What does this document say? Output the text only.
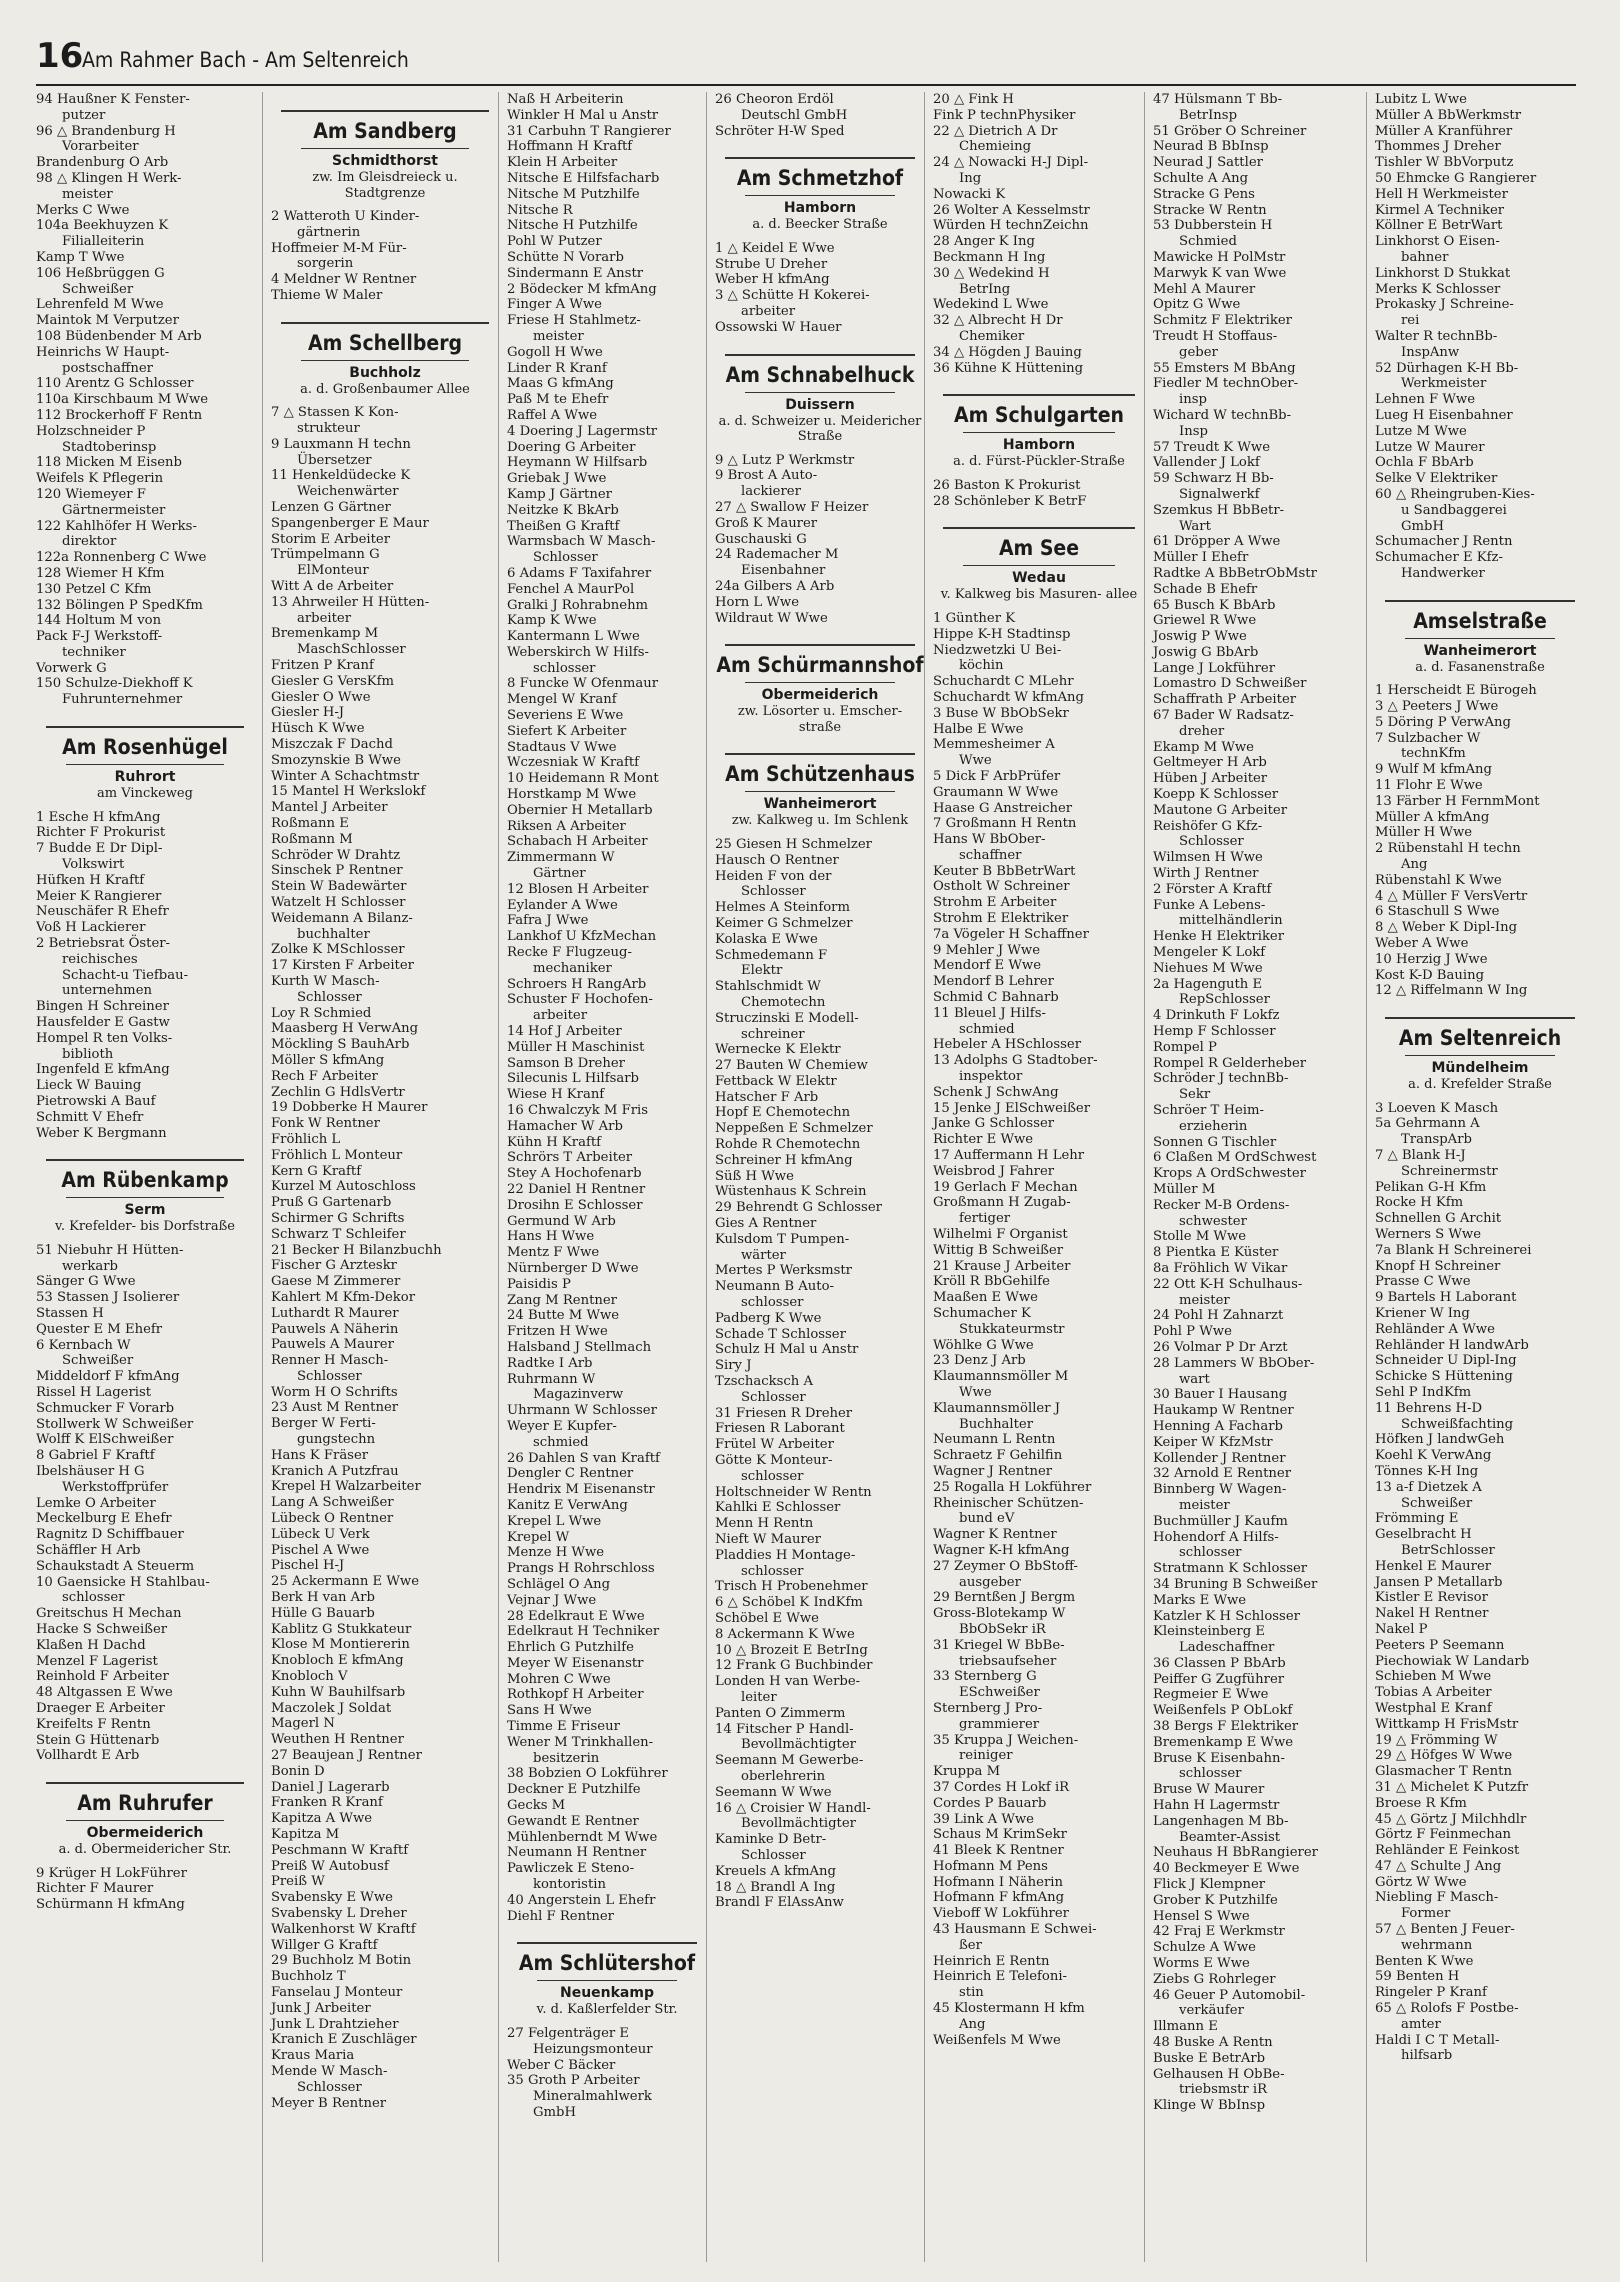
16
Am Rahmer Bach - Am Seltenreich
94 Haußner K Fenster-
putzer
96 △ Brandenburg H
Vorarbeiter
Brandenburg O Arb
98 △ Klingen H Werk-
meister
Merks C Wwe
104a Beekhuyzen K
Filialleiterin
Kamp T Wwe
106 Heßbrüggen G
Schweißer
Lehrenfeld M Wwe
Maintok M Verputzer
108 Büdenbender M Arb
Heinrichs W Haupt-
postschaffner
110 Arentz G Schlosser
110a Kirschbaum M Wwe
112 Brockerhoff F Rentn
Holzschneider P
Stadtoberinsp
118 Micken M Eisenb
Weifels K Pflegerin
120 Wiemeyer F
Gärtnermeister
122 Kahlhöfer H Werks-
direktor
122a Ronnenberg C Wwe
128 Wiemer H Kfm
130 Petzel C Kfm
132 Bölingen P SpedKfm
144 Holtum M von
Pack F-J Werkstoff-
techniker
Vorwerk G
150 Schulze-Diekhoff K
Fuhrunternehmer
Am Rosenhügel
Ruhrort
am Vinckeweg
1 Esche H kfmAng
Richter F Prokurist
7 Budde E Dr Dipl-
Volkswirt
Hüfken H Kraftf
Meier K Rangierer
Neuschäfer R Ehefr
Voß H Lackierer
2 Betriebsrat Öster-
reichisches
Schacht-u Tiefbau-
unternehmen
Bingen H Schreiner
Hausfelder E Gastw
Hompel R ten Volks-
biblioth
Ingenfeld E kfmAng
Lieck W Bauing
Pietrowski A Bauf
Schmitt V Ehefr
Weber K Bergmann
Am Rübenkamp
Serm
v. Krefelder- bis Dorfstraße
51 Niebuhr H Hütten-
werkarb
Sänger G Wwe
53 Stassen J Isolierer
Stassen H
Quester E M Ehefr
6 Kernbach W
Schweißer
Middeldorf F kfmAng
Rissel H Lagerist
Schmucker F Vorarb
Stollwerk W Schweißer
Wolff K ElSchweißer
8 Gabriel F Kraftf
Ibelshäuser H G
Werkstoffprüfer
Lemke O Arbeiter
Meckelburg E Ehefr
Ragnitz D Schiffbauer
Schäffler H Arb
Schaukstadt A Steuerm
10 Gaensicke H Stahlbau-
schlosser
Greitschus H Mechan
Hacke S Schweißer
Klaßen H Dachd
Menzel F Lagerist
Reinhold F Arbeiter
48 Altgassen E Wwe
Draeger E Arbeiter
Kreifelts F Rentn
Stein G Hüttenarb
Vollhardt E Arb
Am Ruhrufer
Obermeiderich
a. d. Obermeidericher Str.
9 Krüger H LokFührer
Richter F Maurer
Schürmann H kfmAng
Am Sandberg
Schmidthorst
zw. Im Gleisdreieck u. Stadtgrenze
2 Watteroth U Kinder-
gärtnerin
Hoffmeier M-M Für-
sorgerin
4 Meldner W Rentner
Thieme W Maler
Am Schellberg
Buchholz
a. d. Großenbaumer Allee
7 △ Stassen K Kon-
strukteur
9 Lauxmann H techn
Übersetzer
11 Henkeldüdecke K
Weichenwärter
Lenzen G Gärtner
Spangenberger E Maur
Storim E Arbeiter
Trümpelmann G
ElMonteur
Witt A de Arbeiter
13 Ahrweiler H Hütten-
arbeiter
Bremenkamp M
MaschSchlosser
Fritzen P Kranf
Giesler G VersKfm
Giesler O Wwe
Giesler H-J
Hüsch K Wwe
Miszczak F Dachd
Smozynskie B Wwe
Winter A Schachtmstr
15 Mantel H Werkslokf
Mantel J Arbeiter
Roßmann E
Roßmann M
Schröder W Drahtz
Sinschek P Rentner
Stein W Badewärter
Watzelt H Schlosser
Weidemann A Bilanz-
buchhalter
Zolke K MSchlosser
17 Kirsten F Arbeiter
Kurth W Masch-
Schlosser
Loy R Schmied
Maasberg H VerwAng
Möckling S BauhArb
Möller S kfmAng
Rech F Arbeiter
Zechlin G HdlsVertr
19 Dobberke H Maurer
Fonk W Rentner
Fröhlich L
Fröhlich L Monteur
Kern G Kraftf
Kurzel M Autoschloss
Pruß G Gartenarb
Schirmer G Schrifts
Schwarz T Schleifer
21 Becker H Bilanzbuchh
Fischer G Arzteskr
Gaese M Zimmerer
Kahlert M Kfm-Dekor
Luthardt R Maurer
Pauwels A Näherin
Pauwels A Maurer
Renner H Masch-
Schlosser
Worm H O Schrifts
23 Aust M Rentner
Berger W Ferti-
gungstechn
Hans K Fräser
Kranich A Putzfrau
Krepel H Walzarbeiter
Lang A Schweißer
Lübeck O Rentner
Lübeck U Verk
Pischel A Wwe
Pischel H-J
25 Ackermann E Wwe
Berk H van Arb
Hülle G Bauarb
Kablitz G Stukkateur
Klose M Montiererin
Knobloch E kfmAng
Knobloch V
Kuhn W Bauhilfsarb
Maczolek J Soldat
Magerl N
Weuthen H Rentner
27 Beaujean J Rentner
Bonin D
Daniel J Lagerarb
Franken R Kranf
Kapitza A Wwe
Kapitza M
Peschmann W Kraftf
Preiß W Autobusf
Preiß W
Svabensky E Wwe
Svabensky L Dreher
Walkenhorst W Kraftf
Willger G Kraftf
29 Buchholz M Botin
Buchholz T
Fanselau J Monteur
Junk J Arbeiter
Junk L Drahtzieher
Kranich E Zuschläger
Kraus Maria
Mende W Masch-
Schlosser
Meyer B Rentner
Naß H Arbeiterin
Winkler H Mal u Anstr
31 Carbuhn T Rangierer
Hoffmann H Kraftf
Klein H Arbeiter
Nitsche E Hilfsfacharb
Nitsche M Putzhilfe
Nitsche R
Nitsche H Putzhilfe
Pohl W Putzer
Schütte N Vorarb
Sindermann E Anstr
2 Bödecker M kfmAng
Finger A Wwe
Friese H Stahlmetz-
meister
Gogoll H Wwe
Linder R Kranf
Maas G kfmAng
Paß M te Ehefr
Raffel A Wwe
4 Doering J Lagermstr
Doering G Arbeiter
Heymann W Hilfsarb
Griebak J Wwe
Kamp J Gärtner
Neitzke K BkArb
Theißen G Kraftf
Warmsbach W Masch-
Schlosser
6 Adams F Taxifahrer
Fenchel A MaurPol
Gralki J Rohrabnehm
Kamp K Wwe
Kantermann L Wwe
Weberskirch W Hilfs-
schlosser
8 Funcke W Ofenmaur
Mengel W Kranf
Severiens E Wwe
Siefert K Arbeiter
Stadtaus V Wwe
Wczesniak W Kraftf
10 Heidemann R Mont
Horstkamp M Wwe
Obernier H Metallarb
Riksen A Arbeiter
Schabach H Arbeiter
Zimmermann W
Gärtner
12 Blosen H Arbeiter
Eylander A Wwe
Fafra J Wwe
Lankhof U KfzMechan
Recke F Flugzeug-
mechaniker
Schroers H RangArb
Schuster F Hochofen-
arbeiter
14 Hof J Arbeiter
Müller H Maschinist
Samson B Dreher
Silecunis L Hilfsarb
Wiese H Kranf
16 Chwalczyk M Fris
Hamacher W Arb
Kühn H Kraftf
Schrörs T Arbeiter
Stey A Hochofenarb
22 Daniel H Rentner
Drosihn E Schlosser
Germund W Arb
Hans H Wwe
Mentz F Wwe
Nürnberger D Wwe
Paisidis P
Zang M Rentner
24 Butte M Wwe
Fritzen H Wwe
Halsband J Stellmach
Radtke I Arb
Ruhrmann W
Magazinverw
Uhrmann W Schlosser
Weyer E Kupfer-
schmied
26 Dahlen S van Kraftf
Dengler C Rentner
Hendrix M Eisenanstr
Kanitz E VerwAng
Krepel L Wwe
Krepel W
Menze H Wwe
Prangs H Rohrschloss
Schlägel O Ang
Vejnar J Wwe
28 Edelkraut E Wwe
Edelkraut H Techniker
Ehrlich G Putzhilfe
Meyer W Eisenanstr
Mohren C Wwe
Rothkopf H Arbeiter
Sans H Wwe
Timme E Friseur
Wener M Trinkhallen-
besitzerin
38 Bobzien O Lokführer
Deckner E Putzhilfe
Gecks M
Gewandt E Rentner
Mühlenberndt M Wwe
Neumann H Rentner
Pawliczek E Steno-
kontoristin
40 Angerstein L Ehefr
Diehl F Rentner
Am Schlütershof
Neuenkamp
v. d. Kaßlerfelder Str.
27 Felgenträger E
Heizungsmonteur
Weber C Bäcker
35 Groth P Arbeiter
Mineralmahlwerk
GmbH
26 Cheoron Erdöl
Deutschl GmbH
Schröter H-W Sped
Am Schmetzhof
Hamborn
a. d. Beecker Straße
1 △ Keidel E Wwe
Strube U Dreher
Weber H kfmAng
3 △ Schütte H Kokerei-
arbeiter
Ossowski W Hauer
Am Schnabelhuck
Duissern
a. d. Schweizer u. Meidericher Straße
9 △ Lutz P Werkmstr
9 Brost A Auto-
lackierer
27 △ Swallow F Heizer
Groß K Maurer
Guschauski G
24 Rademacher M
Eisenbahner
24a Gilbers A Arb
Horn L Wwe
Wildraut W Wwe
Am Schürmannshof
Obermeiderich
zw. Lösorter u. Emscher- straße
Am Schützenhaus
Wanheimerort
zw. Kalkweg u. Im Schlenk
25 Giesen H Schmelzer
Hausch O Rentner
Heiden F von der
Schlosser
Helmes A Steinform
Keimer G Schmelzer
Kolaska E Wwe
Schmedemann F
Elektr
Stahlschmidt W
Chemotechn
Struczinski E Modell-
schreiner
Wernecke K Elektr
27 Bauten W Chemiew
Fettback W Elektr
Hatscher F Arb
Hopf E Chemotechn
Neppeßen E Schmelzer
Rohde R Chemotechn
Schreiner H kfmAng
Süß H Wwe
Wüstenhaus K Schrein
29 Behrendt G Schlosser
Gies A Rentner
Kulsdom T Pumpen-
wärter
Mertes P Werksmstr
Neumann B Auto-
schlosser
Padberg K Wwe
Schade T Schlosser
Schulz H Mal u Anstr
Siry J
Tzschacksch A
Schlosser
31 Friesen R Dreher
Friesen R Laborant
Frütel W Arbeiter
Götte K Monteur-
schlosser
Holtschneider W Rentn
Kahlki E Schlosser
Menn H Rentn
Nieft W Maurer
Pladdies H Montage-
schlosser
Trisch H Probenehmer
6 △ Schöbel K IndKfm
Schöbel E Wwe
8 Ackermann K Wwe
10 △ Brozeit E BetrIng
12 Frank G Buchbinder
Londen H van Werbe-
leiter
Panten O Zimmerm
14 Fitscher P Handl-
Bevollmächtigter
Seemann M Gewerbe-
oberlehrerin
Seemann W Wwe
16 △ Croisier W Handl-
Bevollmächtigter
Kaminke D Betr-
Schlosser
Kreuels A kfmAng
18 △ Brandl A Ing
Brandl F ElAssAnw
20 △ Fink H
Fink P technPhysiker
22 △ Dietrich A Dr
Chemieing
24 △ Nowacki H-J Dipl-
Ing
Nowacki K
26 Wolter A Kesselmstr
Würden H technZeichn
28 Anger K Ing
Beckmann H Ing
30 △ Wedekind H
BetrIng
Wedekind L Wwe
32 △ Albrecht H Dr
Chemiker
34 △ Högden J Bauing
36 Kühne K Hüttening
Am Schulgarten
Hamborn
a. d. Fürst-Pückler-Straße
26 Baston K Prokurist
28 Schönleber K BetrF
Am See
Wedau
v. Kalkweg bis Masuren- allee
1 Günther K
Hippe K-H Stadtinsp
Niedzwetzki U Bei-
köchin
Schuchardt C MLehr
Schuchardt W kfmAng
3 Buse W BbObSekr
Halbe E Wwe
Memmesheimer A
Wwe
5 Dick F ArbPrüfer
Graumann W Wwe
Haase G Anstreicher
7 Großmann H Rentn
Hans W BbOber-
schaffner
Keuter B BbBetrWart
Ostholt W Schreiner
Strohm E Arbeiter
Strohm E Elektriker
7a Vögeler H Schaffner
9 Mehler J Wwe
Mendorf E Wwe
Mendorf B Lehrer
Schmid C Bahnarb
11 Bleuel J Hilfs-
schmied
Hebeler A HSchlosser
13 Adolphs G Stadtober-
inspektor
Schenk J SchwAng
15 Jenke J ElSchweißer
Janke G Schlosser
Richter E Wwe
17 Auffermann H Lehr
Weisbrod J Fahrer
19 Gerlach F Mechan
Großmann H Zugab-
fertiger
Wilhelmi F Organist
Wittig B Schweißer
21 Krause J Arbeiter
Kröll R BbGehilfe
Maaßen E Wwe
Schumacher K
Stukkateurmstr
Wöhlke G Wwe
23 Denz J Arb
Klaumannsmöller M
Wwe
Klaumannsmöller J
Buchhalter
Neumann L Rentn
Schraetz F Gehilfin
Wagner J Rentner
25 Rogalla H Lokführer
Rheinischer Schützen-
bund eV
Wagner K Rentner
Wagner K-H kfmAng
27 Zeymer O BbStoff-
ausgeber
29 Berntßen J Bergm
Gross-Blotekamp W
BbObSekr iR
31 Kriegel W BbBe-
triebsaufseher
33 Sternberg G
ESchweißer
Sternberg J Pro-
grammierer
35 Kruppa J Weichen-
reiniger
Kruppa M
37 Cordes H Lokf iR
Cordes P Bauarb
39 Link A Wwe
Schaus M KrimSekr
41 Bleek K Rentner
Hofmann M Pens
Hofmann I Näherin
Hofmann F kfmAng
Vieboff W Lokführer
43 Hausmann E Schwei-
ßer
Heinrich E Rentn
Heinrich E Telefoni-
stin
45 Klostermann H kfm
Ang
Weißenfels M Wwe
47 Hülsmann T Bb-
BetrInsp
51 Gröber O Schreiner
Neurad B BbInsp
Neurad J Sattler
Schulte A Ang
Stracke G Pens
Stracke W Rentn
53 Dubberstein H
Schmied
Mawicke H PolMstr
Marwyk K van Wwe
Mehl A Maurer
Opitz G Wwe
Schmitz F Elektriker
Treudt H Stoffaus-
geber
55 Emsters M BbAng
Fiedler M technOber-
insp
Wichard W technBb-
Insp
57 Treudt K Wwe
Vallender J Lokf
59 Schwarz H Bb-
Signalwerkf
Szemkus H BbBetr-
Wart
61 Dröpper A Wwe
Müller I Ehefr
Radtke A BbBetrObMstr
Schade B Ehefr
65 Busch K BbArb
Griewel R Wwe
Joswig P Wwe
Joswig G BbArb
Lange J Lokführer
Lomastro D Schweißer
Schaffrath P Arbeiter
67 Bader W Radsatz-
dreher
Ekamp M Wwe
Geltmeyer H Arb
Hüben J Arbeiter
Koepp K Schlosser
Mautone G Arbeiter
Reishöfer G Kfz-
Schlosser
Wilmsen H Wwe
Wirth J Rentner
2 Förster A Kraftf
Funke A Lebens-
mittelhändlerin
Henke H Elektriker
Mengeler K Lokf
Niehues M Wwe
2a Hagenguth E
RepSchlosser
4 Drinkuth F Lokfz
Hemp F Schlosser
Rompel P
Rompel R Gelderheber
Schröder J technBb-
Sekr
Schröer T Heim-
erzieherin
Sonnen G Tischler
6 Claßen M OrdSchwest
Krops A OrdSchwester
Müller M
Recker M-B Ordens-
schwester
Stolle M Wwe
8 Pientka E Küster
8a Fröhlich W Vikar
22 Ott K-H Schulhaus-
meister
24 Pohl H Zahnarzt
Pohl P Wwe
26 Volmar P Dr Arzt
28 Lammers W BbOber-
wart
30 Bauer I Hausang
Haukamp W Rentner
Henning A Facharb
Keiper W KfzMstr
Kollender J Rentner
32 Arnold E Rentner
Binnberg W Wagen-
meister
Buchmüller J Kaufm
Hohendorf A Hilfs-
schlosser
Stratmann K Schlosser
34 Bruning B Schweißer
Marks E Wwe
Katzler K H Schlosser
Kleinsteinberg E
Ladeschaffner
36 Classen P BbArb
Peiffer G Zugführer
Regmeier E Wwe
Weißenfels P ObLokf
38 Bergs F Elektriker
Bremenkamp E Wwe
Bruse K Eisenbahn-
schlosser
Bruse W Maurer
Hahn H Lagermstr
Langenhagen M Bb-
Beamter-Assist
Neuhaus H BbRangierer
40 Beckmeyer E Wwe
Flick J Klempner
Grober K Putzhilfe
Hensel S Wwe
42 Fraj E Werkmstr
Schulze A Wwe
Worms E Wwe
Ziebs G Rohrleger
46 Geuer P Automobil-
verkäufer
Illmann E
48 Buske A Rentn
Buske E BetrArb
Gelhausen H ObBe-
triebsmstr iR
Klinge W BbInsp
Lubitz L Wwe
Müller A BbWerkmstr
Müller A Kranführer
Thommes J Dreher
Tishler W BbVorputz
50 Ehmcke G Rangierer
Hell H Werkmeister
Kirmel A Techniker
Köllner E BetrWart
Linkhorst O Eisen-
bahner
Linkhorst D Stukkat
Merks K Schlosser
Prokasky J Schreine-
rei
Walter R technBb-
InspAnw
52 Dürhagen K-H Bb-
Werkmeister
Lehnen F Wwe
Lueg H Eisenbahner
Lutze M Wwe
Lutze W Maurer
Ochla F BbArb
Selke V Elektriker
60 △ Rheingruben-Kies-
u Sandbaggerei
GmbH
Schumacher J Rentn
Schumacher E Kfz-
Handwerker
Amselstraße
Wanheimerort
a. d. Fasanenstraße
1 Herscheidt E Bürogeh
3 △ Peeters J Wwe
5 Döring P VerwAng
7 Sulzbacher W
technKfm
9 Wulf M kfmAng
11 Flohr E Wwe
13 Färber H FernmMont
Müller A kfmAng
Müller H Wwe
2 Rübenstahl H techn
Ang
Rübenstahl K Wwe
4 △ Müller F VersVertr
6 Staschull S Wwe
8 △ Weber K Dipl-Ing
Weber A Wwe
10 Herzig J Wwe
Kost K-D Bauing
12 △ Riffelmann W Ing
Am Seltenreich
Mündelheim
a. d. Krefelder Straße
3 Loeven K Masch
5a Gehrmann A
TranspArb
7 △ Blank H-J
Schreinermstr
Pelikan G-H Kfm
Rocke H Kfm
Schnellen G Archit
Werners S Wwe
7a Blank H Schreinerei
Knopf H Schreiner
Prasse C Wwe
9 Bartels H Laborant
Kriener W Ing
Rehländer A Wwe
Rehländer H landwArb
Schneider U Dipl-Ing
Schicke S Hüttening
Sehl P IndKfm
11 Behrens H-D
Schweißfachting
Höfken J landwGeh
Koehl K VerwAng
Tönnes K-H Ing
13 a-f Dietzek A
Schweißer
Frömming E
Geselbracht H
BetrSchlosser
Henkel E Maurer
Jansen P Metallarb
Kistler E Revisor
Nakel H Rentner
Nakel P
Peeters P Seemann
Piechowiak W Landarb
Schieben M Wwe
Tobias A Arbeiter
Westphal E Kranf
Wittkamp H FrisMstr
19 △ Frömming W
29 △ Höfges W Wwe
Glasmacher T Rentn
31 △ Michelet K Putzfr
Broese R Kfm
45 △ Görtz J Milchhdlr
Görtz F Feinmechan
Rehländer E Feinkost
47 △ Schulte J Ang
Görtz W Wwe
Niebling F Masch-
Former
57 △ Benten J Feuer-
wehrmann
Benten K Wwe
59 Benten H
Ringeler P Kranf
65 △ Rolofs F Postbe-
amter
Haldi I C T Metall-
hilfsarb
